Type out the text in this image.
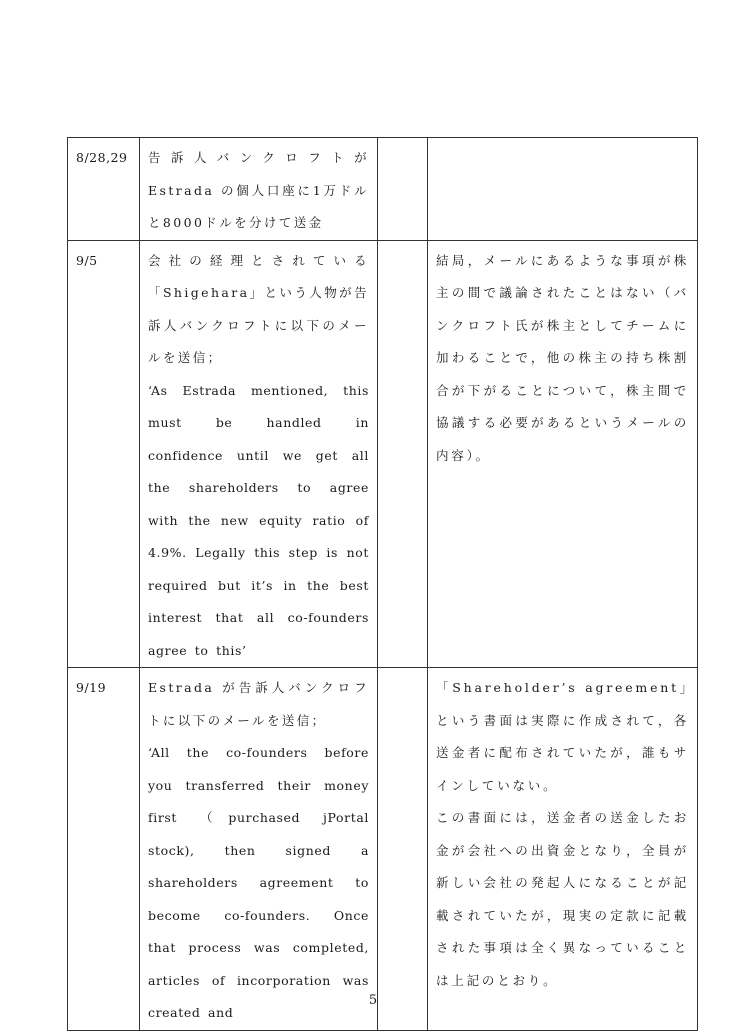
8/28,29	告訴人バンクロフトが Estrada の個人口座に1万ドルと8000ドルを分けて送金		
9/5	会社の経理とされている「Shigehara」という人物が告訴人バンクロフトに以下のメールを送信；
‘As Estrada mentioned, this must be handled in confidence until we get all the shareholders to agree with the new equity ratio of 4.9%. Legally this step is not required but it’s in the best interest that all co-founders agree to this’		結局，メールにあるような事項が株主の間で議論されたことはない（バンクロフト氏が株主としてチームに加わることで，他の株主の持ち株割合が下がることについて，株主間で協議する必要があるというメールの内容）。
9/19	Estrada が告訴人バンクロフトに以下のメールを送信；
‘All the co-founders before you transferred their money first （purchased jPortal stock), then signed a shareholders agreement to become co-founders. Once that process was completed, articles of incorporation was created and		「Shareholder’s agreement」という書面は実際に作成されて，各送金者に配布されていたが，誰もサインしていない。
この書面には，送金者の送金したお金が会社への出資金となり，全員が新しい会社の発起人になることが記載されていたが，現実の定款に記載された事項は全く異なっていることは上記のとおり。
5
